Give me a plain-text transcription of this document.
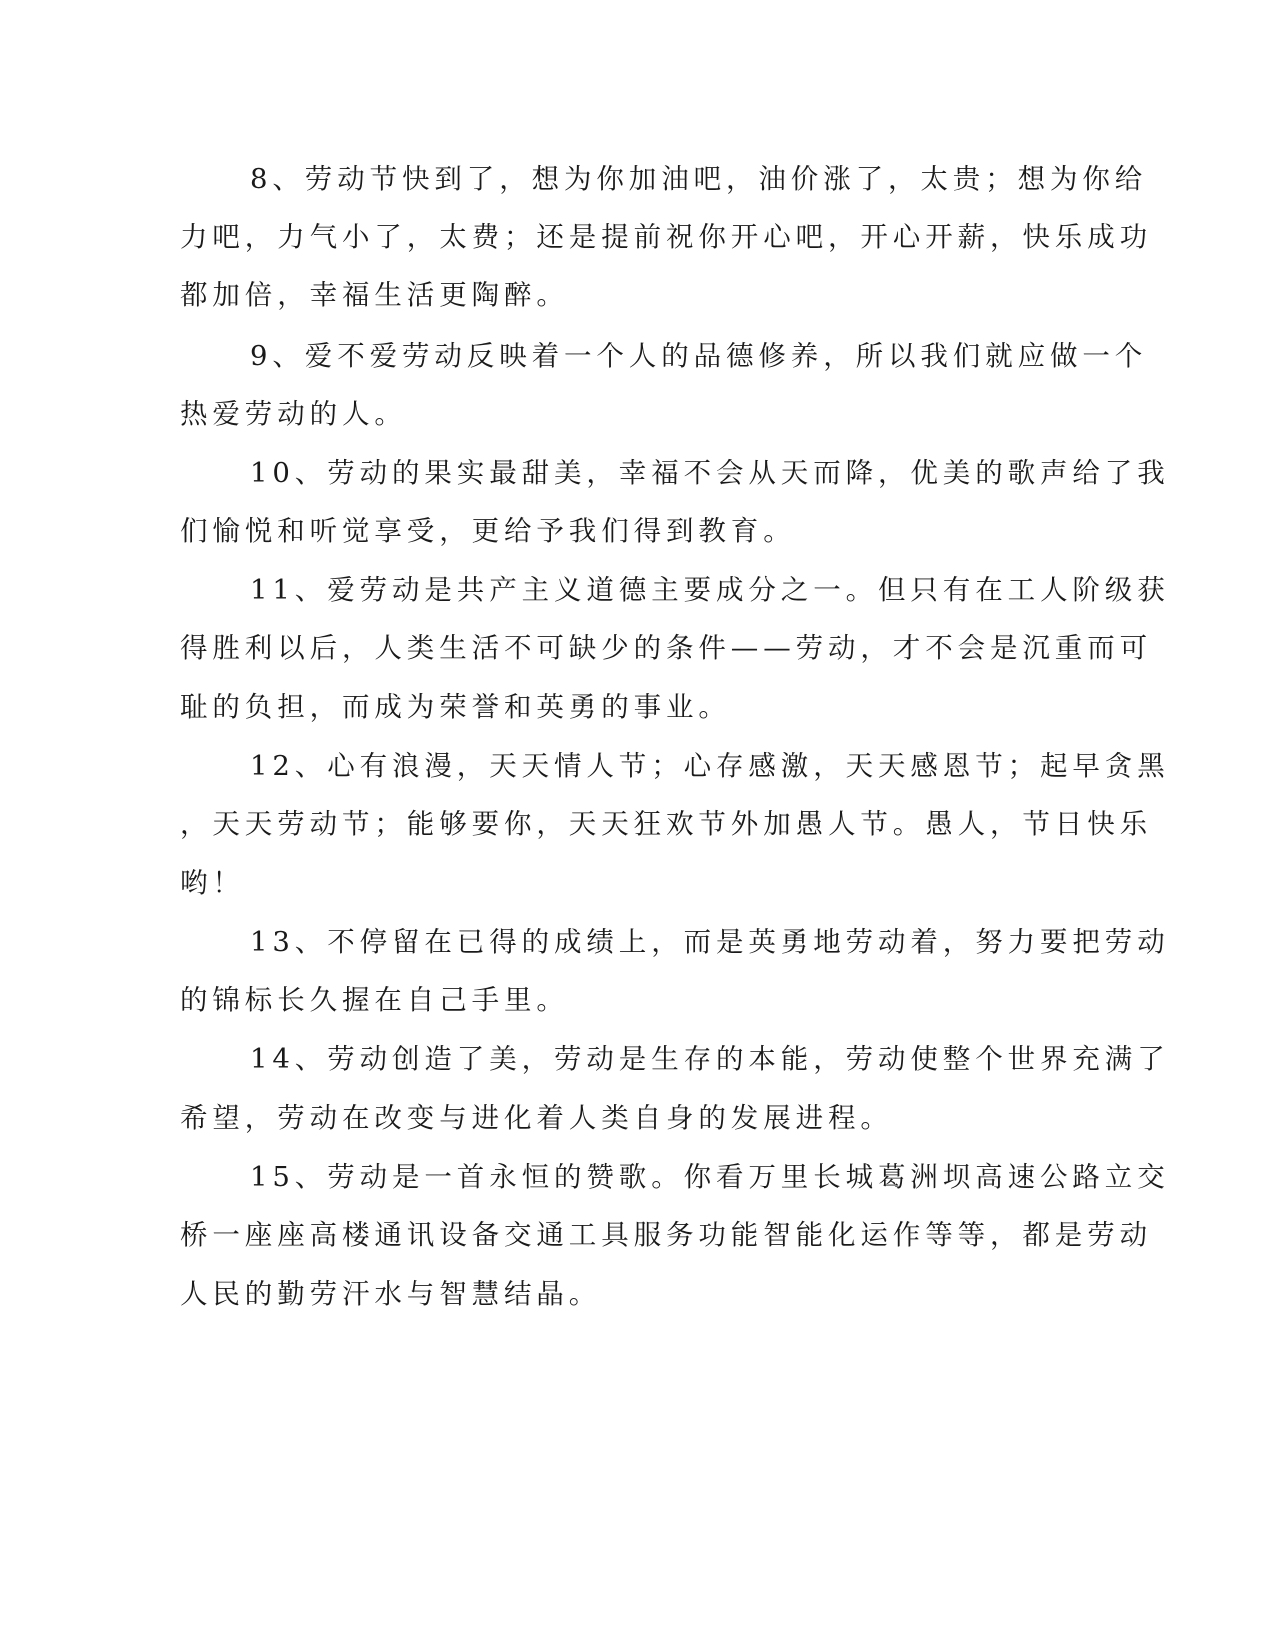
8、劳动节快到了，想为你加油吧，油价涨了，太贵；想为你给
力吧，力气小了，太费；还是提前祝你开心吧，开心开薪，快乐成功
都加倍，幸福生活更陶醉。
9、爱不爱劳动反映着一个人的品德修养，所以我们就应做一个
热爱劳动的人。
10、劳动的果实最甜美，幸福不会从天而降，优美的歌声给了我
们愉悦和听觉享受，更给予我们得到教育。
11、爱劳动是共产主义道德主要成分之一。但只有在工人阶级获
得胜利以后，人类生活不可缺少的条件——劳动，才不会是沉重而可
耻的负担，而成为荣誉和英勇的事业。
12、心有浪漫，天天情人节；心存感激，天天感恩节；起早贪黑
，天天劳动节；能够要你，天天狂欢节外加愚人节。愚人，节日快乐
哟！
13、不停留在已得的成绩上，而是英勇地劳动着，努力要把劳动
的锦标长久握在自己手里。
14、劳动创造了美，劳动是生存的本能，劳动使整个世界充满了
希望，劳动在改变与进化着人类自身的发展进程。
15、劳动是一首永恒的赞歌。你看万里长城葛洲坝高速公路立交
桥一座座高楼通讯设备交通工具服务功能智能化运作等等，都是劳动
人民的勤劳汗水与智慧结晶。
